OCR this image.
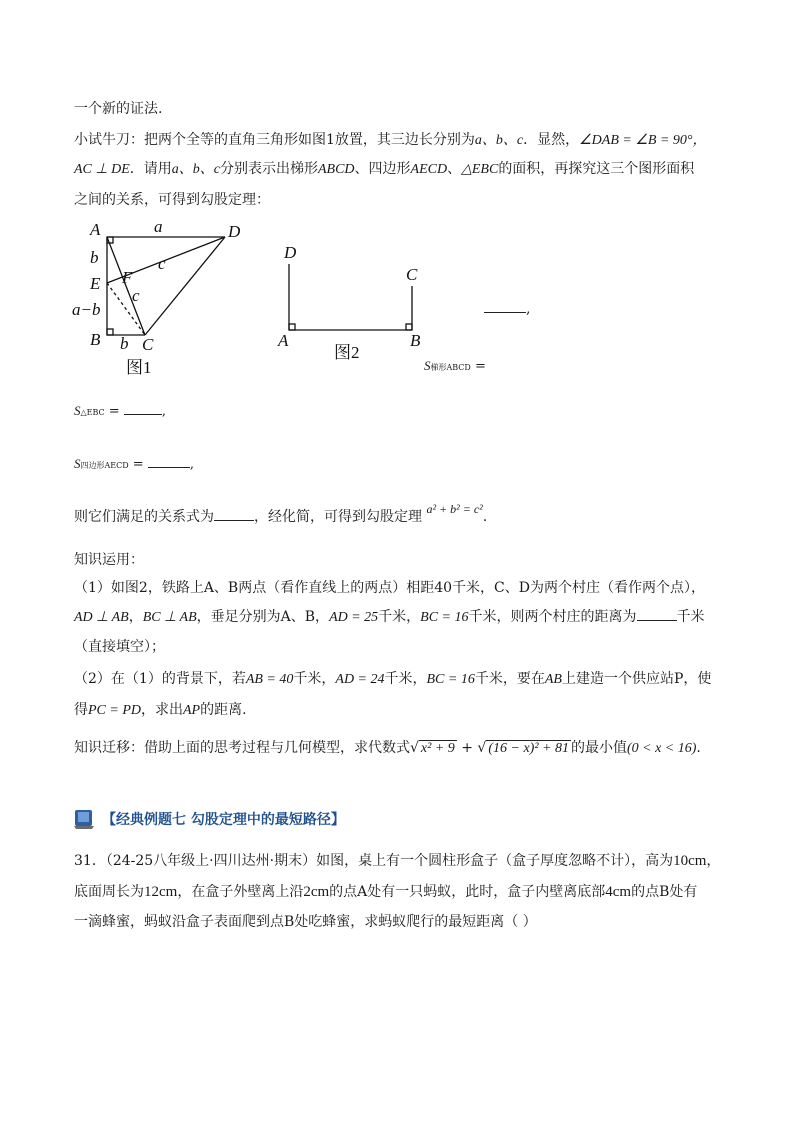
一个新的证法.
小试牛刀：把两个全等的直角三角形如图1放置，其三边长分别为a、b、c．显然，∠DAB = ∠B = 90°，
AC ⊥ DE．请用a、b、c分别表示出梯形ABCD、四边形AECD、△EBC的面积，再探究这三个图形面积
之间的关系，可得到勾股定理：
A	D
E F
B C
a
b
a−b
b
c
c
图1
D
C
A	B
图2
,
S梯形ABCD =
S△EBC =	,
S四边形AECD =	,
则它们满足的关系式为	，经化简，可得到勾股定理 a² + b² = c².
知识运用：
（1）如图2，铁路上A、B两点（看作直线上的两点）相距40千米，C、D为两个村庄（看作两个点），
AD ⊥ AB，BC ⊥ AB，垂足分别为A、B，AD = 25千米，BC = 16千米，则两个村庄的距离为	千米
（直接填空）；
（2）在（1）的背景下，若AB = 40千米，AD = 24千米，BC = 16千米，要在AB上建造一个供应站P，使
得PC = PD，求出AP的距离.
知识迁移：借助上面的思考过程与几何模型，求代数式√ x² + 9 + √ (16 − x)² + 81 的最小值(0 < x < 16).
【经典例题七 勾股定理中的最短路径】
31．（24-25八年级上·四川达州·期末）如图，桌上有一个圆柱形盒子（盒子厚度忽略不计），高为10cm，
底面周长为12cm，在盒子外壁离上沿2cm的点A处有一只蚂蚁，此时，盒子内壁离底部4cm的点B处有
一滴蜂蜜，蚂蚁沿盒子表面爬到点B处吃蜂蜜，求蚂蚁爬行的最短距离（ ）
